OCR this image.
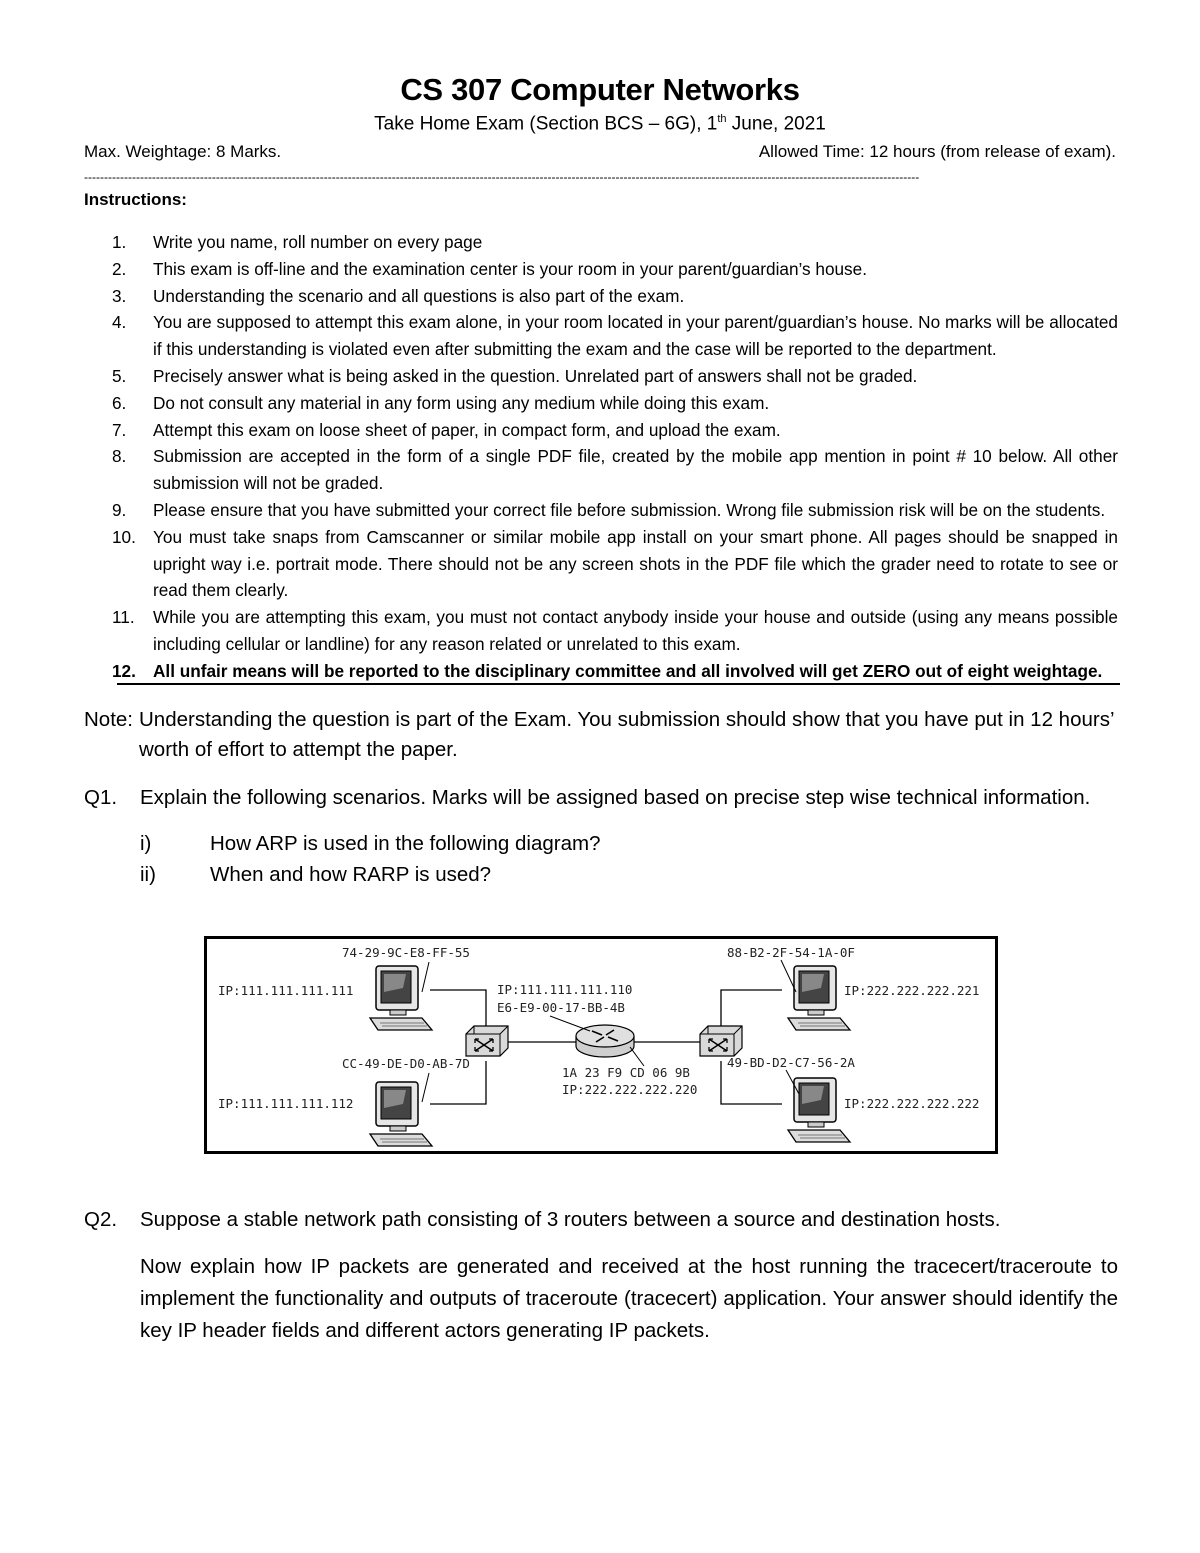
CS 307 Computer Networks
Take Home Exam (Section BCS – 6G), 1th June, 2021
Max. Weightage: 8 Marks.	Allowed Time: 12 hours (from release of exam).
-----------------------------------------------------------------------------------------------------------------------------------------------------------------------------------------------------------------
Instructions:
1.	Write you name, roll number on every page
2.	This exam is off-line and the examination center is your room in your parent/guardian’s house.
3.	Understanding the scenario and all questions is also part of the exam.
4.	You are supposed to attempt this exam alone, in your room located in your parent/guardian’s house. No marks will be allocated if this understanding is violated even after submitting the exam and the case will be reported to the department.
5.	Precisely answer what is being asked in the question. Unrelated part of answers shall not be graded.
6.	Do not consult any material in any form using any medium while doing this exam.
7.	Attempt this exam on loose sheet of paper, in compact form, and upload the exam.
8.	Submission are accepted in the form of a single PDF file, created by the mobile app mention in point # 10 below. All other submission will not be graded.
9.	Please ensure that you have submitted your correct file before submission. Wrong file submission risk will be on the students.
10. You must take snaps from Camscanner or similar mobile app install on your smart phone. All pages should be snapped in upright way i.e. portrait mode. There should not be any screen shots in the PDF file which the grader need to rotate to see or read them clearly.
11.	While you are attempting this exam, you must not contact anybody inside your house and outside (using any means possible including cellular or landline) for any reason related or unrelated to this exam.
12. All unfair means will be reported to the disciplinary committee and all involved will get ZERO out of eight weightage.
Note: Understanding the question is part of the Exam. You submission should show that you have put in 12 hours’ worth of effort to attempt the paper.
Q1. Explain the following scenarios. Marks will be assigned based on precise step wise technical information.
i)	How ARP is used in the following diagram?
ii)	When and how RARP is used?
74-29-9C-E8-FF-55
IP:111.111.111.111
CC-49-DE-D0-AB-7D
IP:111.111.111.112
IP:111.111.111.110
E6-E9-00-17-BB-4B
1A 23 F9 CD 06 9B
IP:222.222.222.220
88-B2-2F-54-1A-0F
IP:222.222.222.221
49-BD-D2-C7-56-2A
IP:222.222.222.222
Q2. Suppose a stable network path consisting of 3 routers between a source and destination hosts.
Now explain how IP packets are generated and received at the host running the tracecert/traceroute to implement the functionality and outputs of traceroute (tracecert) application. Your answer should identify the key IP header fields and different actors generating IP packets.
